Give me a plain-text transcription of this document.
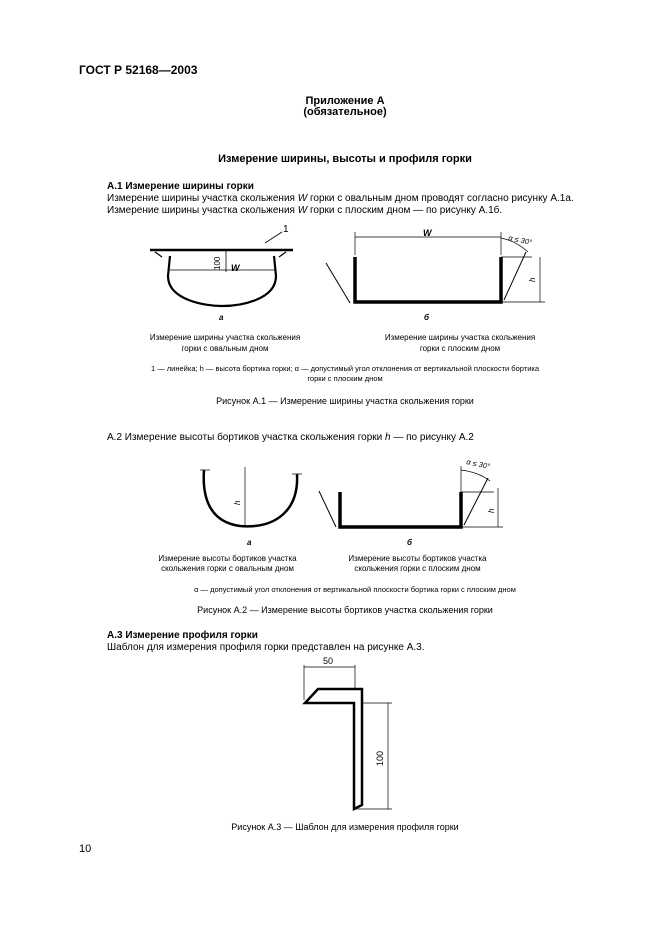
ГОСТ Р 52168—2003
Приложение А
(обязательное)
Измерение ширины, высоты и профиля горки
А.1 Измерение ширины горки
Измерение ширины участка скольжения W горки с овальным дном проводят согласно рисунку А.1а.
Измерение ширины участка скольжения W горки с плоским дном — по рисунку А.1б.
1
W
100
а
W
α ≤ 30°
h
б
Измерение ширины участка скольжения
горки с овальным дном
Измерение ширины участка скольжения
горки с плоским дном
1 — линейка; h — высота бортика горки; α — допустимый угол отклонения от вертикальной плоскости бортика
горки с плоским дном
Рисунок А.1 — Измерение ширины участка скольжения горки
А.2 Измерение высоты бортиков участка скольжения горки h — по рисунку А.2
h
а
α ≤ 30°
h
б
Измерение высоты бортиков участка
скольжения горки с овальным дном
Измерение высоты бортиков участка
скольжения горки с плоским дном
α — допустимый угол отклонения от вертикальной плоскости бортика горки с плоским дном
Рисунок А.2 — Измерение высоты бортиков участка скольжения горки
А.3 Измерение профиля горки
Шаблон для измерения профиля горки представлен на рисунке А.3.
50
100
Рисунок А.3 — Шаблон для измерения профиля горки
10
